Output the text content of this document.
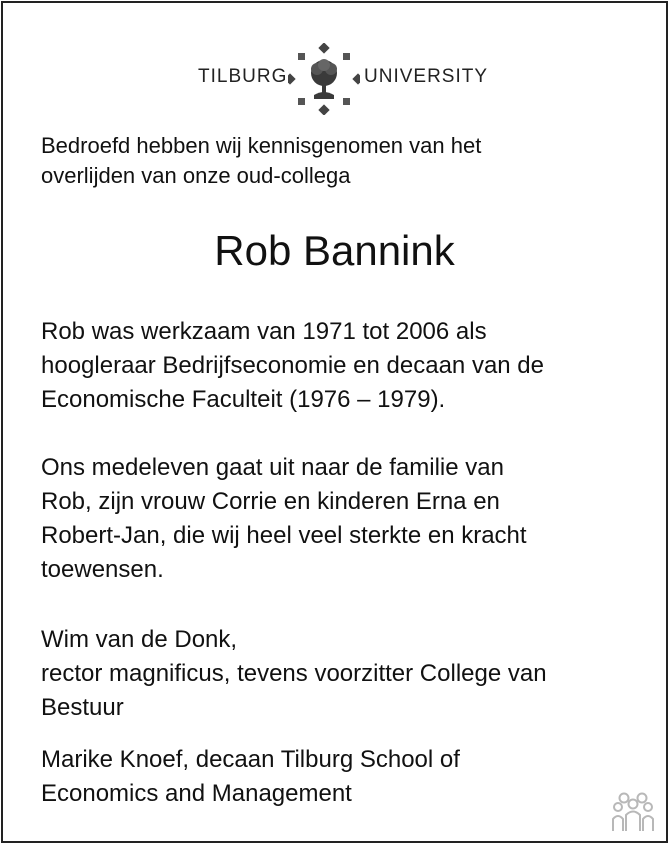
TILBURG	UNIVERSITY
Bedroefd hebben wij kennisgenomen van het
overlijden van onze oud-collega
Rob Bannink
Rob was werkzaam van 1971 tot 2006 als
hoogleraar Bedrijfseconomie en decaan van de
Economische Faculteit (1976 – 1979).
Ons medeleven gaat uit naar de familie van
Rob, zijn vrouw Corrie en kinderen Erna en
Robert-Jan, die wij heel veel sterkte en kracht
toewensen.
Wim van de Donk,
rector magnificus, tevens voorzitter College van
Bestuur
Marike Knoef, decaan Tilburg School of
Economics and Management
